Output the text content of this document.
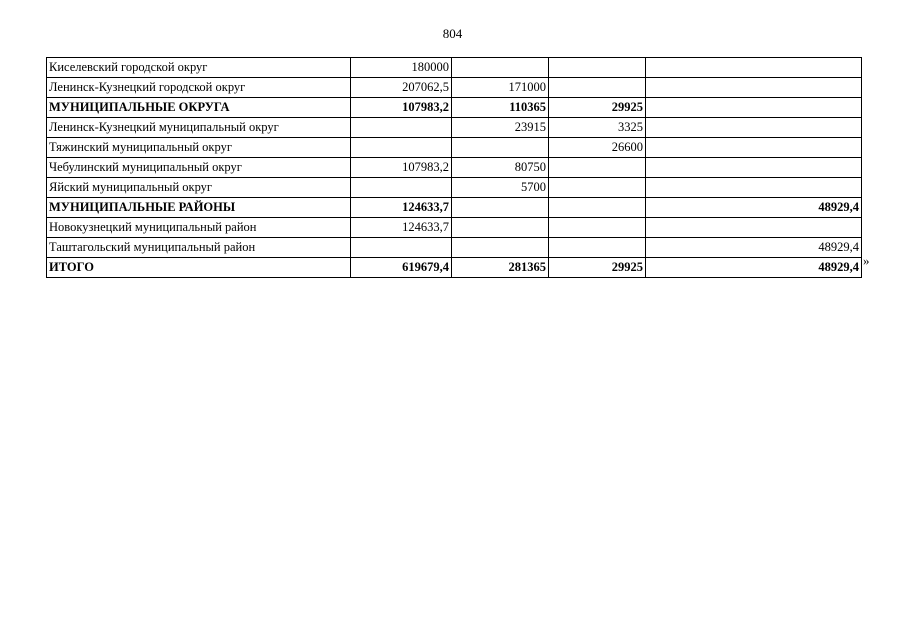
804
Киселевский городской округ	180000			
Ленинск-Кузнецкий городской округ	207062,5	171000		
МУНИЦИПАЛЬНЫЕ ОКРУГА	107983,2	110365	29925	
Ленинск-Кузнецкий муниципальный округ		23915	3325	
Тяжинский муниципальный округ			26600	
Чебулинский муниципальный округ	107983,2	80750		
Яйский муниципальный округ		5700		
МУНИЦИПАЛЬНЫЕ РАЙОНЫ	124633,7			48929,4
Новокузнецкий муниципальный район	124633,7			
Таштагольский муниципальный район				48929,4
ИТОГО	619679,4	281365	29925	48929,4 »
